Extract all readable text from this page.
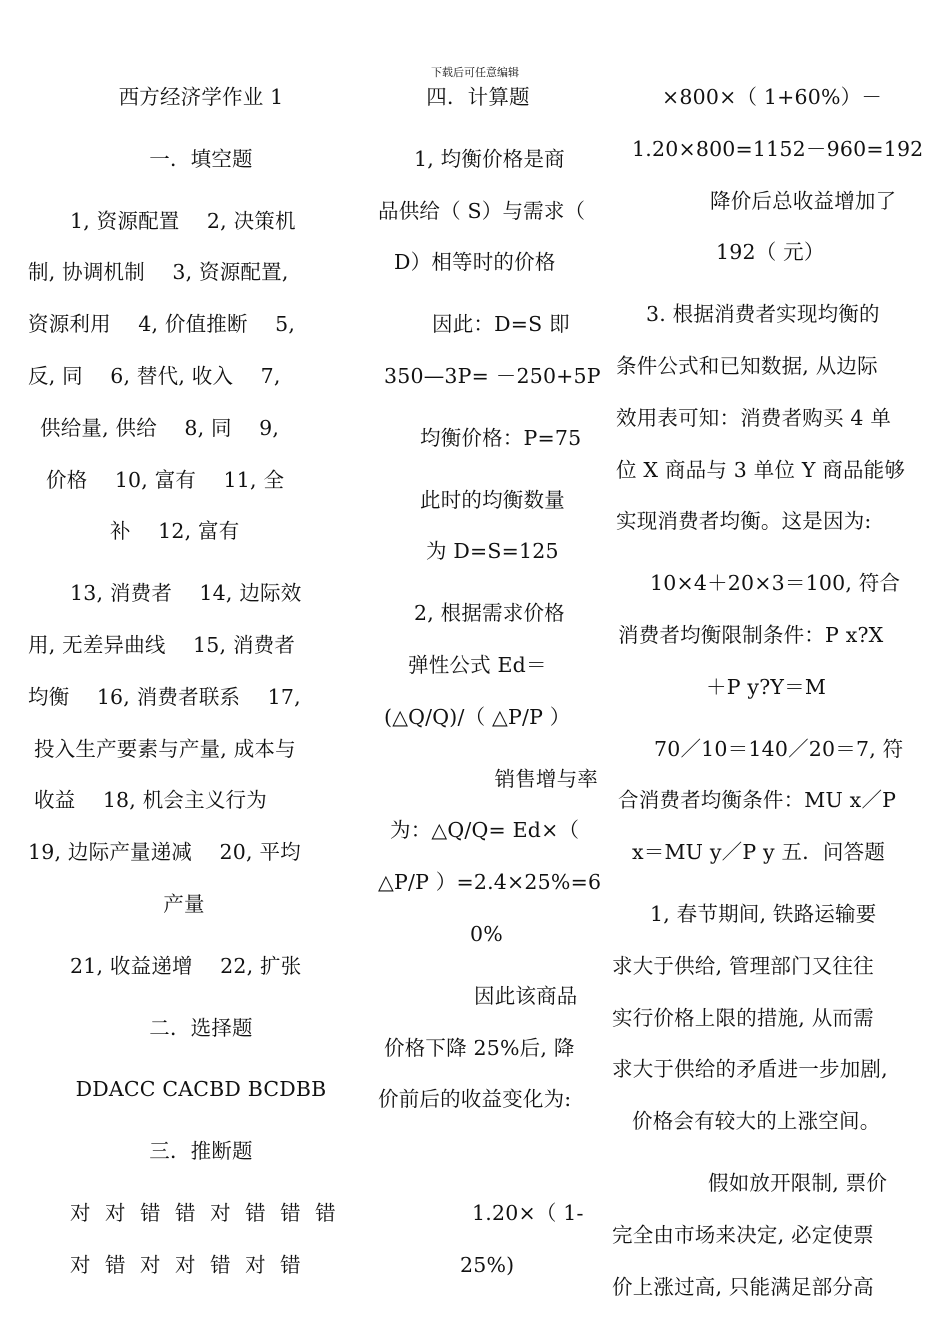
下载后可任意编辑

西方经济学作业 1

一．填空题

1, 资源配置　 2, 决策机

制, 协调机制　 3, 资源配置,

资源利用　 4, 价值推断　 5,

反, 同　 6, 替代, 收入　 7,

供给量, 供给　 8, 同　 9,

价格　 10, 富有　 11, 全

补　 12, 富有

13, 消费者　 14, 边际效

用, 无差异曲线　 15, 消费者

均衡　 16, 消费者联系　 17,

投入生产要素与产量, 成本与

收益　 18, 机会主义行为

19, 边际产量递减　 20, 平均

产量

21, 收益递增　 22, 扩张

二．选择题

DDACC CACBD BCDBB

三．推断题

对 对 错 错 对 错 错 错

对 错 对 对 错 对 错

四．计算题

1, 均衡价格是商

品供给（ S）与需求（

D）相等时的价格

因此：D=S 即

350—3P= －250+5P

均衡价格：P=75

此时的均衡数量

为 D=S=125

2, 根据需求价格

弹性公式 Ed＝

(△Q/Q)/（ △P/P ）

销售增与率

为：△Q/Q= Ed×（

△P/P ）=2.4×25%=6

0%

因此该商品

价格下降 25%后, 降

价前后的收益变化为:

1.20×（ 1-

25%)

×800×（ 1+60%）－

1.20×800=1152－960=192

降价后总收益增加了

192（ 元）

3. 根据消费者实现均衡的

条件公式和已知数据, 从边际

效用表可知：消费者购买 4 单

位 X 商品与 3 单位 Y 商品能够

实现消费者均衡。这是因为:

10×4＋20×3＝100, 符合

消费者均衡限制条件：P x?X

＋P y?Y＝M

70／10＝140／20＝7, 符

合消费者均衡条件：MU x／P

x＝MU y／P y 五．问答题

1, 春节期间, 铁路运输要

求大于供给, 管理部门又往往

实行价格上限的措施, 从而需

求大于供给的矛盾进一步加剧,

价格会有较大的上涨空间。

假如放开限制, 票价

完全由市场来决定, 必定使票

价上涨过高, 只能满足部分高
